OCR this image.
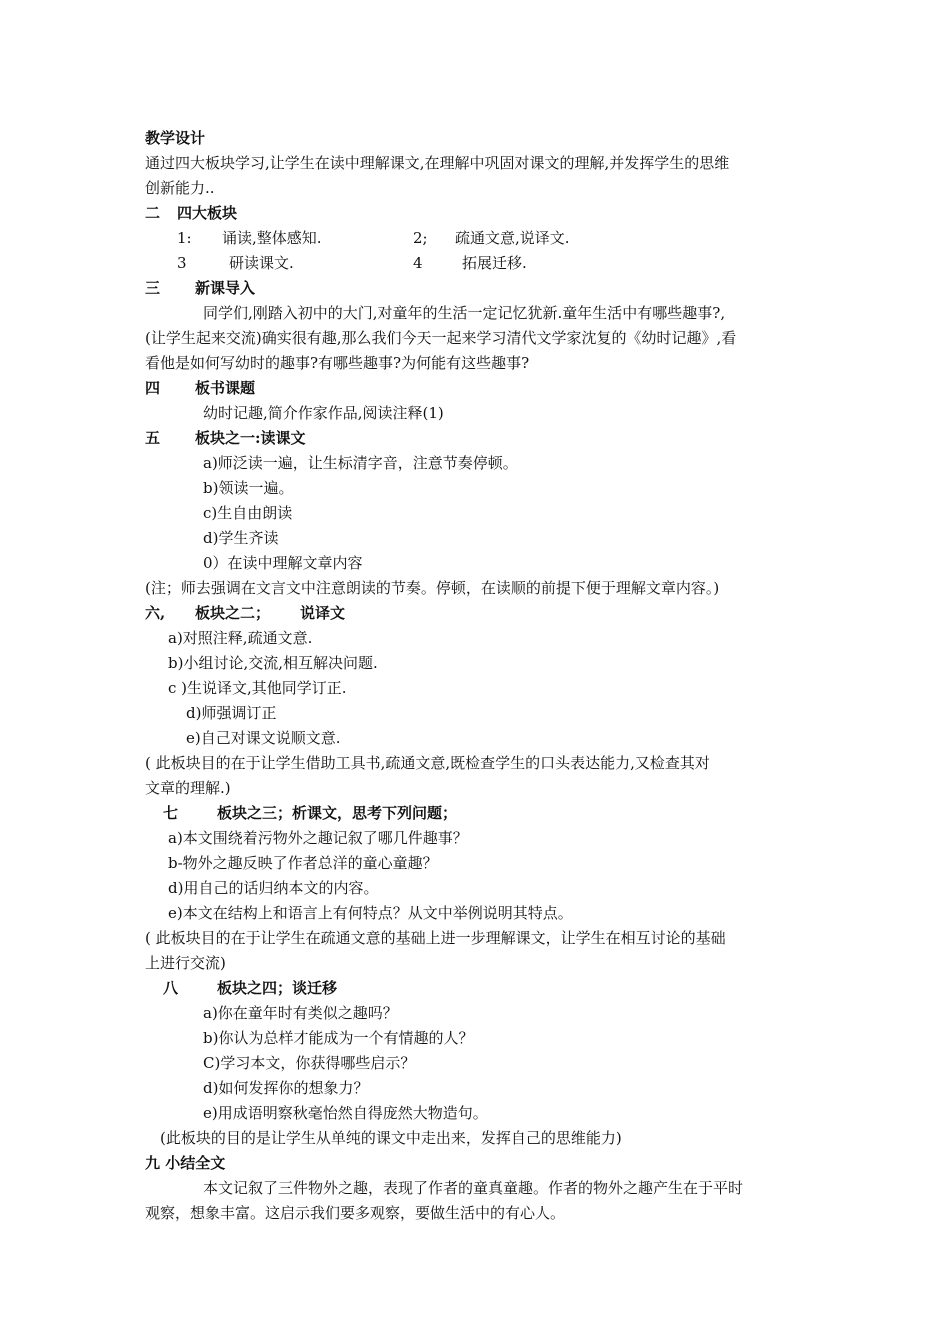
教学设计
通过四大板块学习,让学生在读中理解课文,在理解中巩固对课文的理解,并发挥学生的思维
创新能力..
二 四大板块
1: 诵读,整体感知.	2; 疏通文意,说译文.
3	研读课文.	4	拓展迁移.
三 新课导入
同学们,刚踏入初中的大门,对童年的生活一定记忆犹新.童年生活中有哪些趣事?,
(让学生起来交流)确实很有趣,那么我们今天一起来学习清代文学家沈复的《幼时记趣》,看
看他是如何写幼时的趣事?有哪些趣事?为何能有这些趣事?
四 板书课题
幼时记趣,简介作家作品,阅读注释(1)
五 板块之一:读课文
a)师泛读一遍，让生标清字音，注意节奏停顿。
b)领读一遍。
c)生自由朗读
d)学生齐读
0）在读中理解文章内容
(注；师去强调在文言文中注意朗读的节奏。停顿，在读顺的前提下便于理解文章内容。)
六, 板块之二； 说译文
a)对照注释,疏通文意.
b)小组讨论,交流,相互解决问题.
c )生说译文,其他同学订正.
d)师强调订正
e)自己对课文说顺文意.
( 此板块目的在于让学生借助工具书,疏通文意,既检查学生的口头表达能力,又检查其对
文章的理解.)
七	板块之三；析课文，思考下列问题；
a)本文围绕着污物外之趣记叙了哪几件趣事？
b-物外之趣反映了作者总洋的童心童趣？
d)用自己的话归纳本文的内容。
e)本文在结构上和语言上有何特点？从文中举例说明其特点。
( 此板块目的在于让学生在疏通文意的基础上进一步理解课文，让学生在相互讨论的基础
上进行交流)
八	板块之四；谈迁移
a)你在童年时有类似之趣吗？
b)你认为总样才能成为一个有情趣的人？
C)学习本文，你获得哪些启示？
d)如何发挥你的想象力？
e)用成语明察秋毫怡然自得庞然大物造句。
(此板块的目的是让学生从单纯的课文中走出来，发挥自己的思维能力)
九 小结全文
本文记叙了三件物外之趣，表现了作者的童真童趣。作者的物外之趣产生在于平时
观察，想象丰富。这启示我们要多观察，要做生活中的有心人。
